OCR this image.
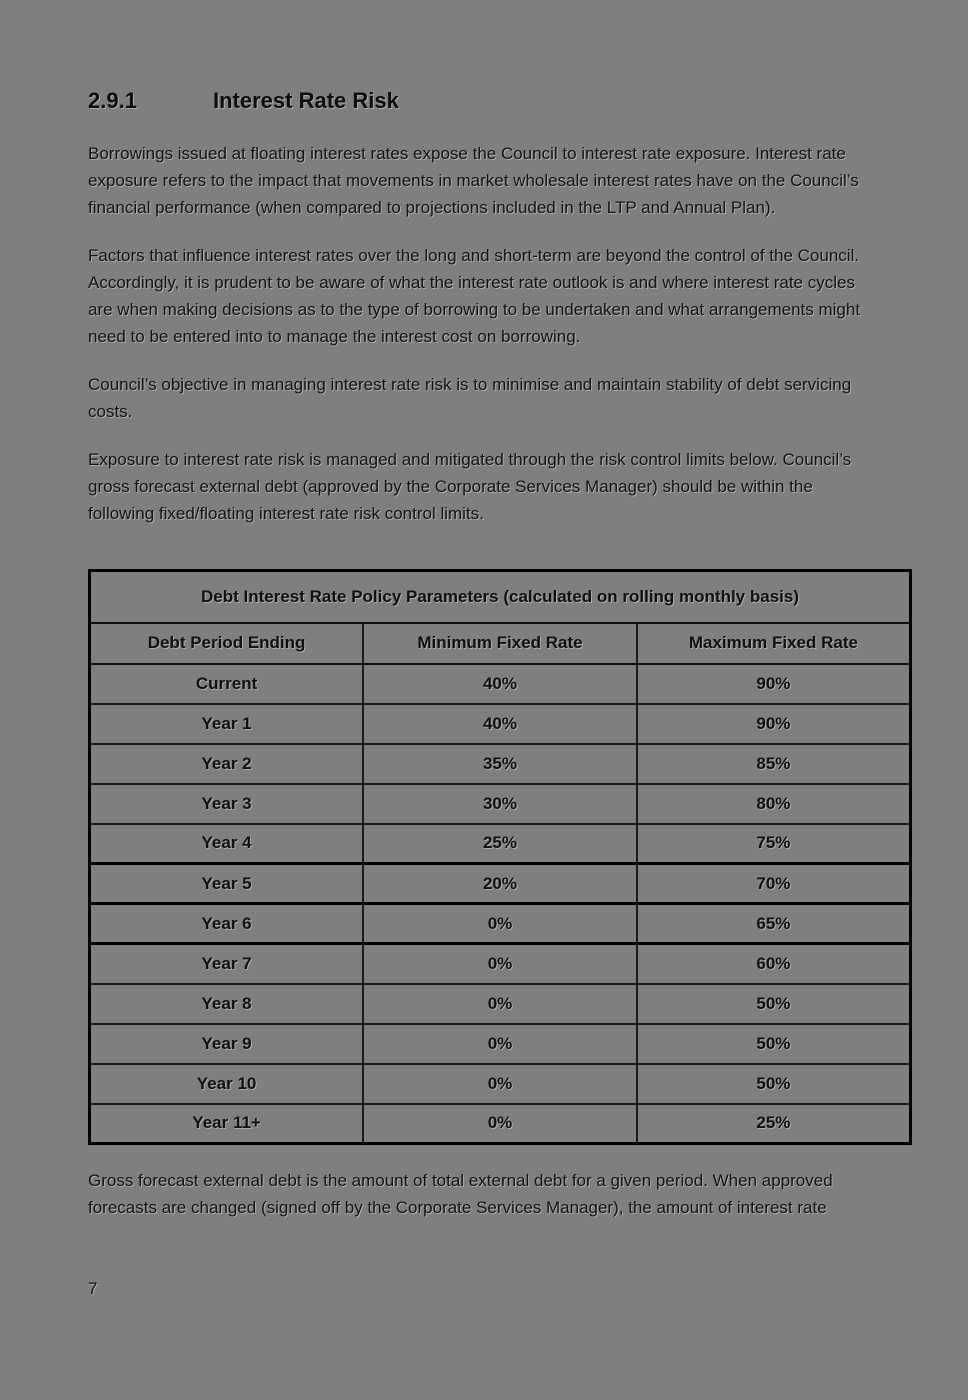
2.9.1	Interest Rate Risk

Borrowings issued at floating interest rates expose the Council to interest rate exposure. Interest rate exposure refers to the impact that movements in market wholesale interest rates have on the Council’s financial performance (when compared to projections included in the LTP and Annual Plan).

Factors that influence interest rates over the long and short-term are beyond the control of the Council. Accordingly, it is prudent to be aware of what the interest rate outlook is and where interest rate cycles are when making decisions as to the type of borrowing to be undertaken and what arrangements might need to be entered into to manage the interest cost on borrowing.

Council’s objective in managing interest rate risk is to minimise and maintain stability of debt servicing costs.

Exposure to interest rate risk is managed and mitigated through the risk control limits below. Council’s gross forecast external debt (approved by the Corporate Services Manager) should be within the following fixed/floating interest rate risk control limits.

Debt Interest Rate Policy Parameters (calculated on rolling monthly basis)		
Debt Period Ending	Minimum Fixed Rate	Maximum Fixed Rate
Current	40%	90%
Year 1	40%	90%
Year 2	35%	85%
Year 3	30%	80%
Year 4	25%	75%
Year 5	20%	70%
Year 6	0%	65%
Year 7	0%	60%
Year 8	0%	50%
Year 9	0%	50%
Year 10	0%	50%
Year 11+	0%	25%

Gross forecast external debt is the amount of total external debt for a given period. When approved forecasts are changed (signed off by the Corporate Services Manager), the amount of interest rate

7
